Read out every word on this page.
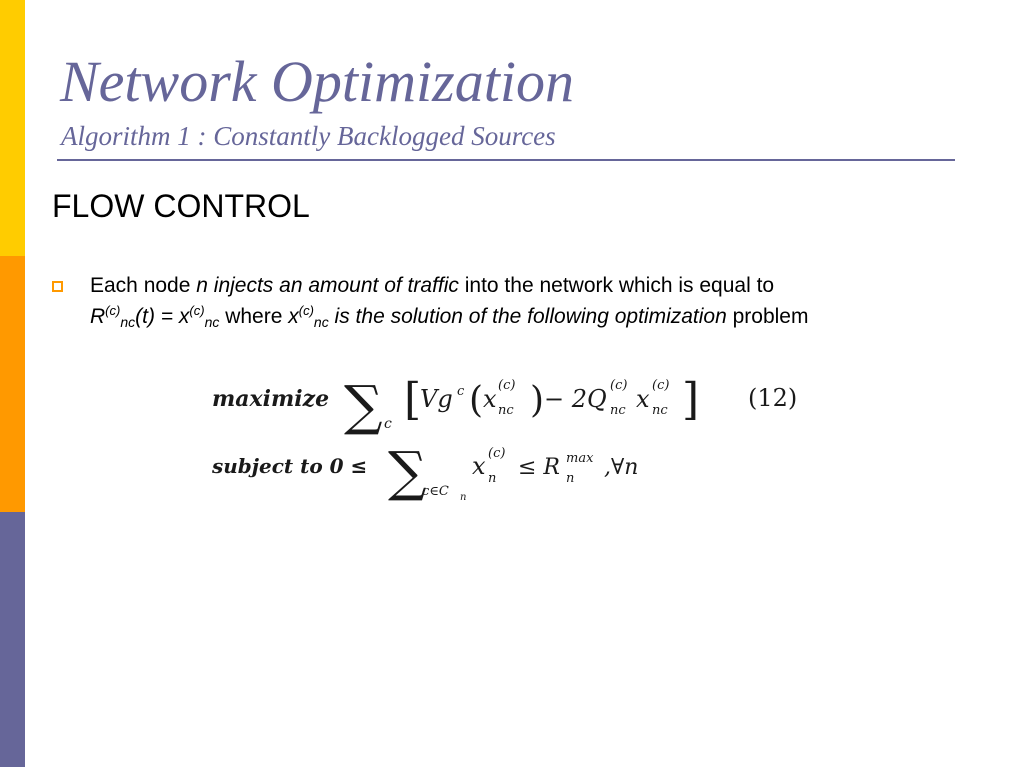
Network Optimization
Algorithm 1 : Constantly Backlogged Sources
FLOW CONTROL
Each node n injects an amount of traffic into the network which is equal to
$R^{(c)}_{nc}(t) = x^{(c)}_{nc}$ where $x^{(c)}_{nc}$ is the solution of the following optimization problem
maximize ∑ c [
Vg c ( x (c)
nc ) − 2Q (c)
nc x (c)
nc ] (12)
subject to 0 ≤ ∑
c∈C n
x (c)
n ≤ R max
n ,∀n
